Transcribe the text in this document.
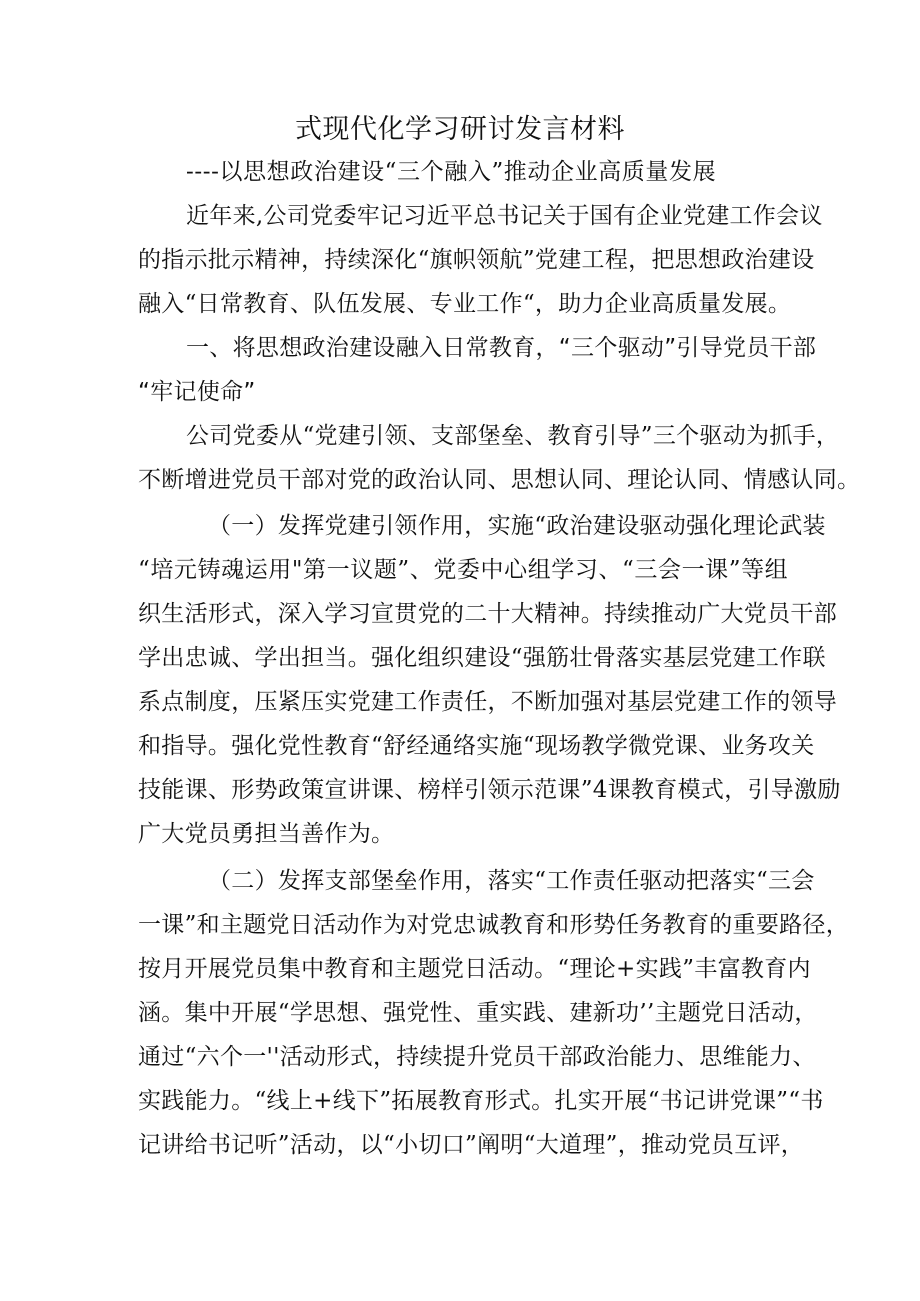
式现代化学习研讨发言材料
----以思想政治建设“三个融入”推动企业高质量发展
近年来,公司党委牢记习近平总书记关于国有企业党建工作会议
的指示批示精神，持续深化“旗帜领航”党建工程，把思想政治建设
融入“日常教育、队伍发展、专业工作“，助力企业高质量发展。
一、将思想政治建设融入日常教育，“三个驱动”引导党员干部
“牢记使命”
公司党委从“党建引领、支部堡垒、教育引导”三个驱动为抓手，
不断增进党员干部对党的政治认同、思想认同、理论认同、情感认同。
（一）发挥党建引领作用，实施“政治建设驱动强化理论武装
“培元铸魂运用"第一议题”、党委中心组学习、“三会一课”等组
织生活形式，深入学习宣贯党的二十大精神。持续推动广大党员干部
学出忠诚、学出担当。强化组织建设“强筋壮骨落实基层党建工作联
系点制度，压紧压实党建工作责任，不断加强对基层党建工作的领导
和指导。强化党性教育“舒经通络实施“现场教学微党课、业务攻关
技能课、形势政策宣讲课、榜样引领示范课”4课教育模式，引导激励
广大党员勇担当善作为。
（二）发挥支部堡垒作用，落实“工作责任驱动把落实“三会
一课”和主题党日活动作为对党忠诚教育和形势任务教育的重要路径，
按月开展党员集中教育和主题党日活动。“理论+实践”丰富教育内
涵。集中开展“学思想、强党性、重实践、建新功’’主题党日活动，
通过“六个一''活动形式，持续提升党员干部政治能力、思维能力、
实践能力。“线上+线下”拓展教育形式。扎实开展“书记讲党课”“书
记讲给书记听”活动，以“小切口”阐明“大道理”，推动党员互评，
